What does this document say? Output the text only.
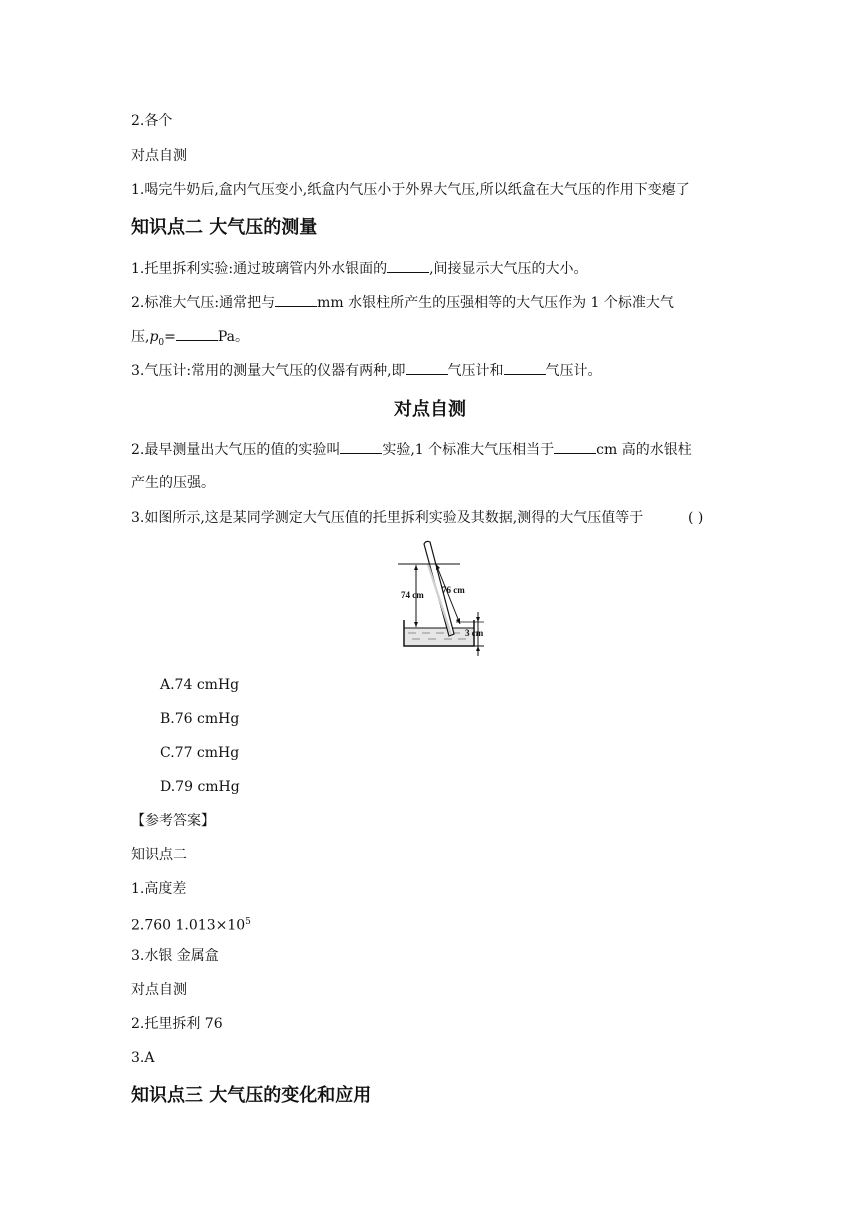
2.各个
对点自测
1.喝完牛奶后,盒内气压变小,纸盒内气压小于外界大气压,所以纸盒在大气压的作用下变瘪了
知识点二 大气压的测量
1.托里拆利实验:通过玻璃管内外水银面的	,间接显示大气压的大小。
2.标准大气压:通常把与	mm 水银柱所产生的压强相等的大气压作为 1 个标准大气
压$,p_0=$	Pa。
3.气压计:常用的测量大气压的仪器有两种,即	气压计和	气压计。
对点自测
2.最早测量出大气压的值的实验叫	实验,1 个标准大气压相当于	cm 高的水银柱
产生的压强。
3.如图所示,这是某同学测定大气压值的托里拆利实验及其数据,测得的大气压值等于	( )
74 cm 76 cm
3 cm
A.74 cmHg
B.76 cmHg
C.77 cmHg
D.79 cmHg
【参考答案】
知识点二
1.高度差
2.760 $1.013\times 10^5$
3.水银 金属盒
对点自测
2.托里拆利 76
3.A
知识点三 大气压的变化和应用
